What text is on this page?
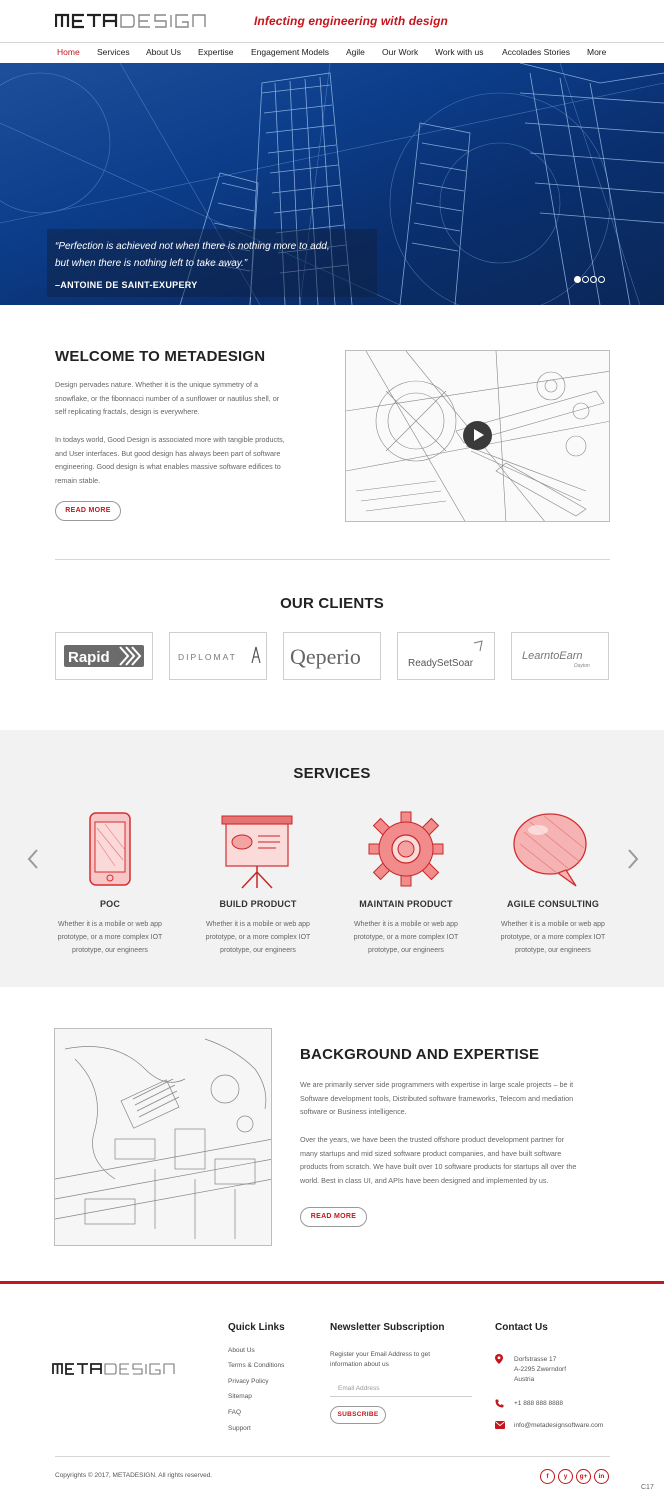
Infecting engineering with design
Home Services About Us Expertise Engagement Models Agile Our Work Work with us Accolades Stories More
“Perfection is achieved not when there is nothing more to add,
but when there is nothing left to take away.”
–ANTOINE DE SAINT-EXUPERY
WELCOME TO METADESIGN
Design pervades nature. Whether it is the unique symmetry of a
snowflake, or the fibonnacci number of a sunflower or nautilus shell, or
self replicating fractals, design is everywhere.
In todays world, Good Design is associated more with tangible products,
and User interfaces. But good design has always been part of software
engineering. Good design is what enables massive software edifices to
remain stable.
READ MORE
OUR CLIENTS
Rapid	DIPLOMAT Qeperio	ReadySetSoar
LearntoEarn
Dayton
SERVICES
POC	BUILD PRODUCT	MAINTAIN PRODUCT	AGILE CONSULTING
Whether it is a mobile or web app
prototype, or a more complex IOT
prototype, our engineers
Whether it is a mobile or web app
prototype, or a more complex IOT
prototype, our engineers
Whether it is a mobile or web app
prototype, or a more complex IOT
prototype, our engineers
Whether it is a mobile or web app
prototype, or a more complex IOT
prototype, our engineers
BACKGROUND AND EXPERTISE
We are primarily server side programmers with expertise in large scale projects – be it
Software development tools, Distributed software frameworks, Telecom and mediation
software or Business intelligence.
Over the years, we have been the trusted offshore product development partner for
many startups and mid sized software product companies, and have built software
products from scratch. We have built over 10 software products for startups all over the
world. Best in class UI, and APIs have been designed and implemented by us.
READ MORE
Quick Links
About Us
Terms & Conditions
Privacy Policy
Sitemap
FAQ
Support
Newsletter Subscription
Register your Email Address to get
information about us
Email Address
SUBSCRIBE
Contact Us
Dorfstrasse 17
A-2295 Zwerndorf
Austria
+1 888 888 8888
info@metadesignsoftware.com
Copyrights © 2017, METADESIGN. All rights reserved.	f	y	g+	in
C17
